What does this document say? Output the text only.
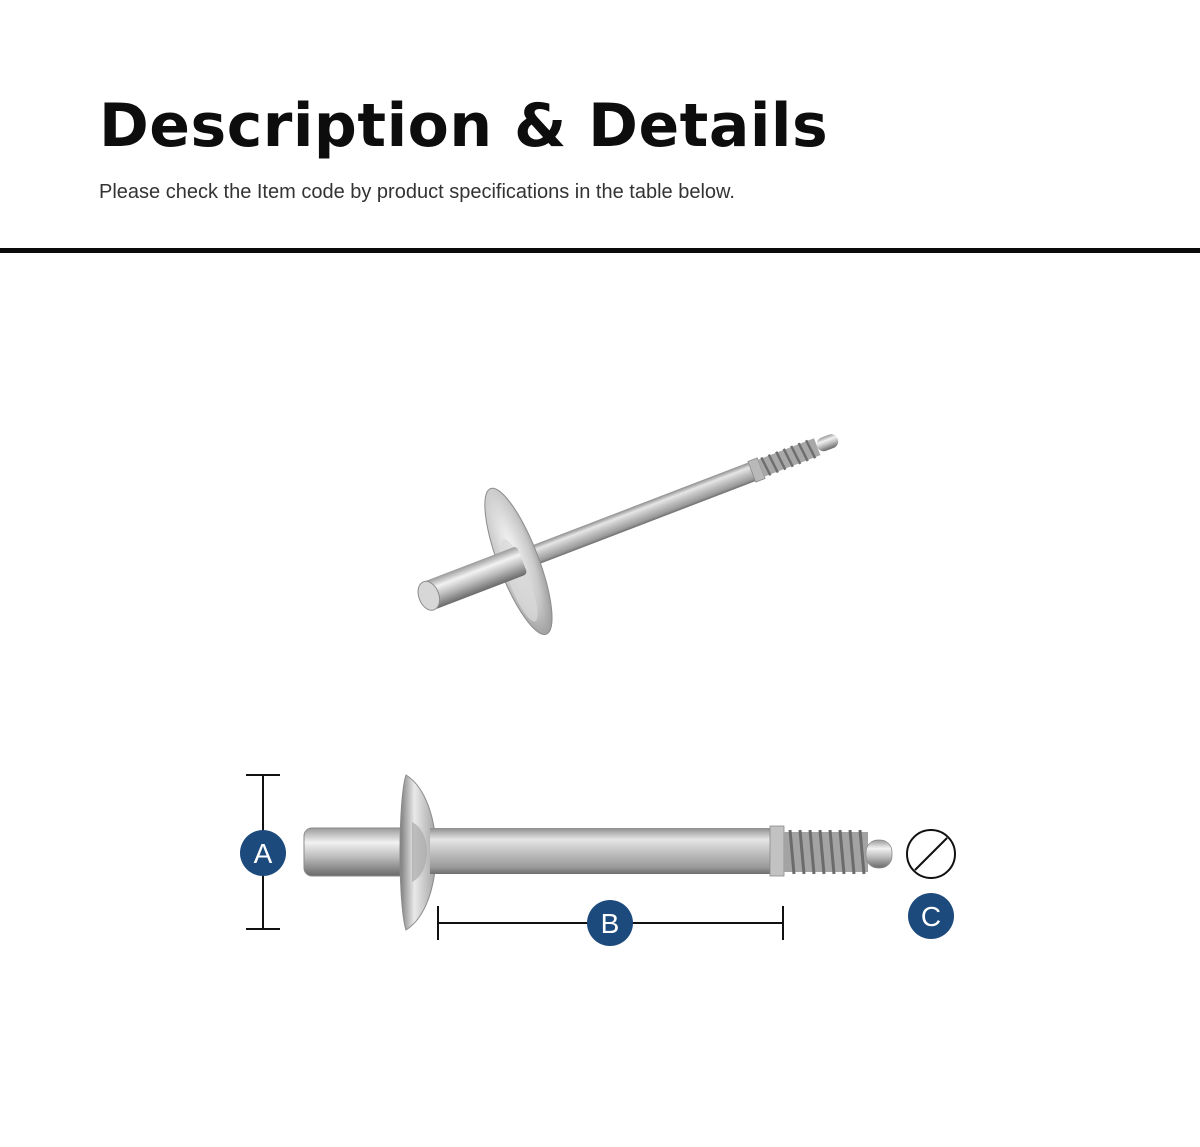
Description & Details

Please check the Item code by product specifications in the table below.

A
B	C
